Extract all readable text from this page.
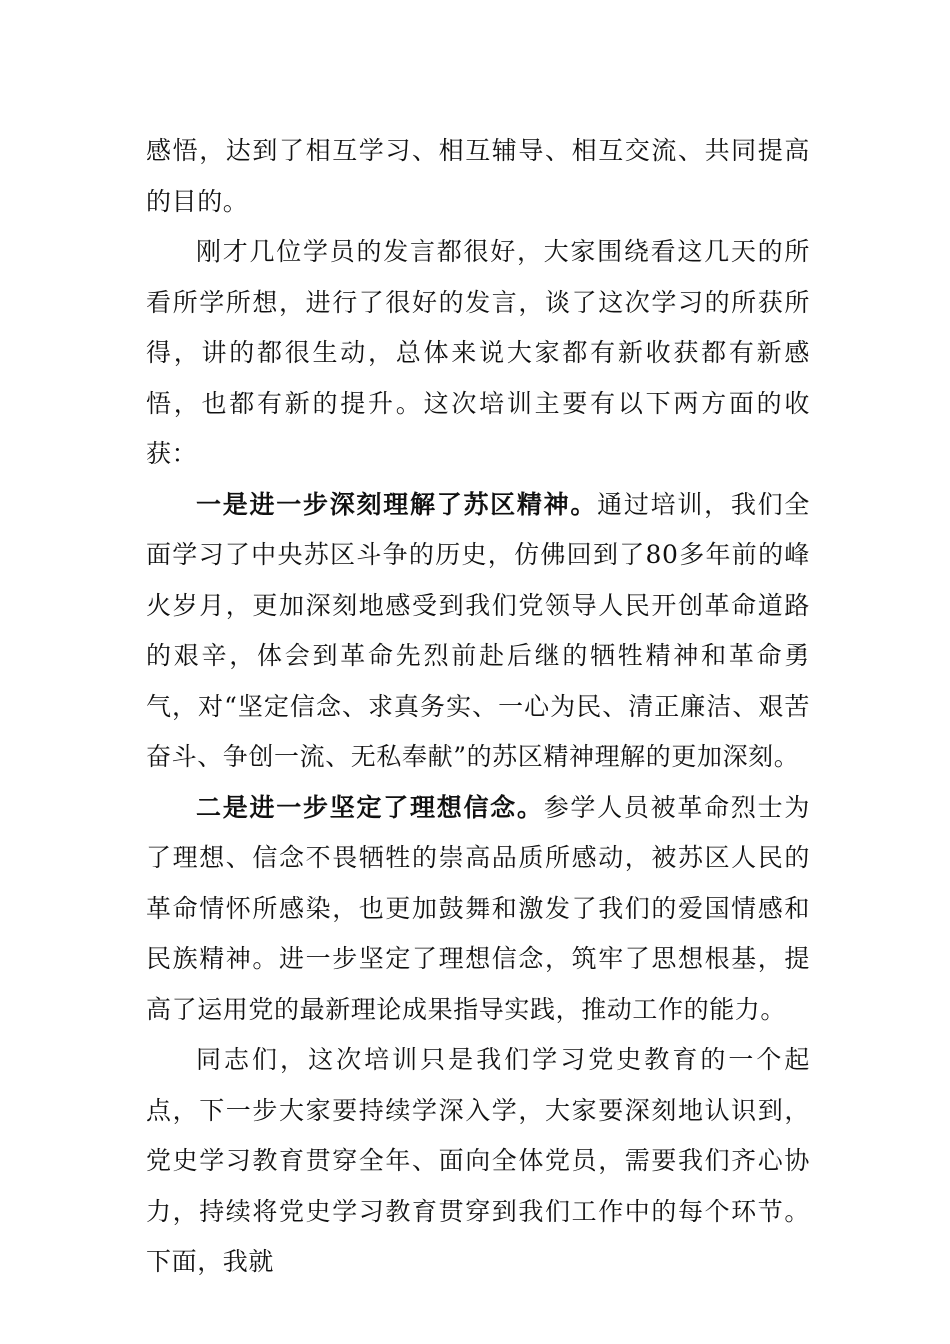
感悟，达到了相互学习、相互辅导、相互交流、共同提高的目的。

刚才几位学员的发言都很好，大家围绕看这几天的所看所学所想，进行了很好的发言，谈了这次学习的所获所得，讲的都很生动，总体来说大家都有新收获都有新感悟，也都有新的提升。这次培训主要有以下两方面的收获：

一是进一步深刻理解了苏区精神。通过培训，我们全面学习了中央苏区斗争的历史，仿佛回到了80多年前的峰火岁月，更加深刻地感受到我们党领导人民开创革命道路的艰辛，体会到革命先烈前赴后继的牺牲精神和革命勇气，对“坚定信念、求真务实、一心为民、清正廉洁、艰苦奋斗、争创一流、无私奉献”的苏区精神理解的更加深刻。

二是进一步坚定了理想信念。参学人员被革命烈士为了理想、信念不畏牺牲的崇高品质所感动，被苏区人民的革命情怀所感染，也更加鼓舞和激发了我们的爱国情感和民族精神。进一步坚定了理想信念，筑牢了思想根基，提高了运用党的最新理论成果指导实践，推动工作的能力。

同志们，这次培训只是我们学习党史教育的一个起点，下一步大家要持续学深入学，大家要深刻地认识到，党史学习教育贯穿全年、面向全体党员，需要我们齐心协力，持续将党史学习教育贯穿到我们工作中的每个环节。下面，我就
